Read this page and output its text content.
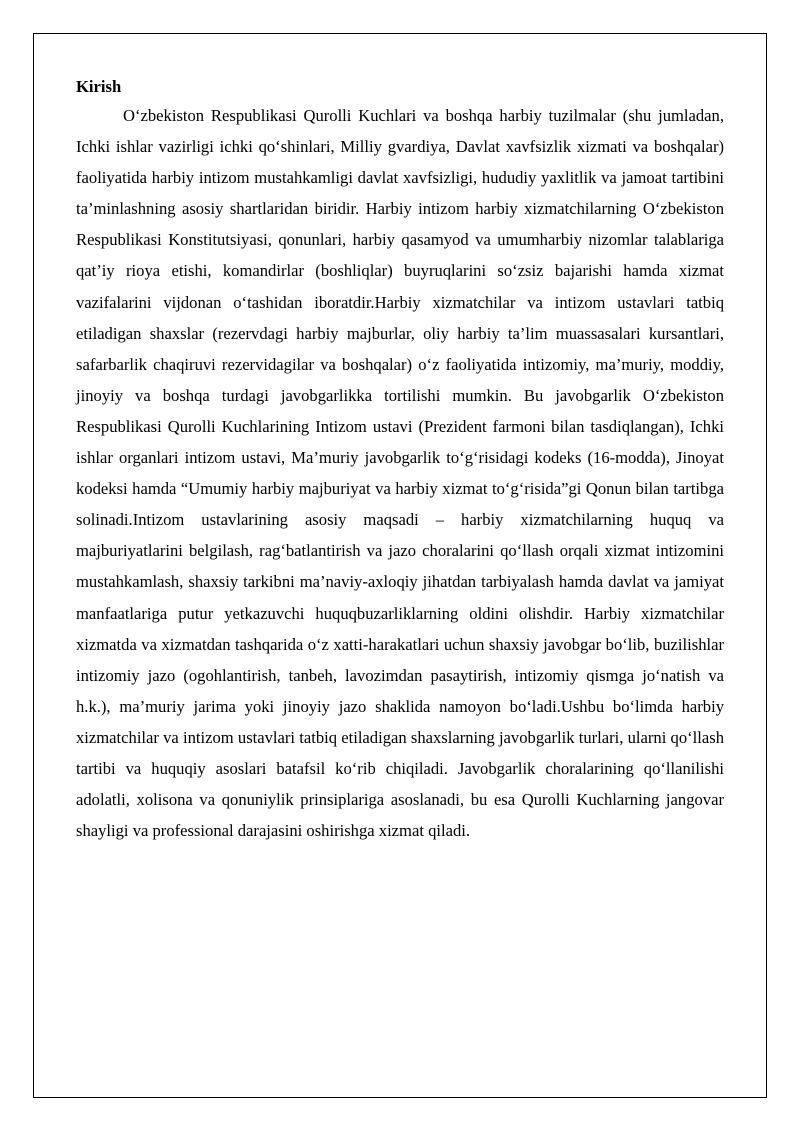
Kirish

O‘zbekiston Respublikasi Qurolli Kuchlari va boshqa harbiy tuzilmalar (shu jumladan, Ichki ishlar vazirligi ichki qo‘shinlari, Milliy gvardiya, Davlat xavfsizlik xizmati va boshqalar) faoliyatida harbiy intizom mustahkamligi davlat xavfsizligi, hududiy yaxlitlik va jamoat tartibini ta’minlashning asosiy shartlaridan biridir. Harbiy intizom harbiy xizmatchilarning O‘zbekiston Respublikasi Konstitutsiyasi, qonunlari, harbiy qasamyod va umumharbiy nizomlar talablariga qat’iy rioya etishi, komandirlar (boshliqlar) buyruqlarini so‘zsiz bajarishi hamda xizmat vazifalarini vijdonan o‘tashidan iboratdir.Harbiy xizmatchilar va intizom ustavlari tatbiq etiladigan shaxslar (rezervdagi harbiy majburlar, oliy harbiy ta’lim muassasalari kursantlari, safarbarlik chaqiruvi rezervidagilar va boshqalar) o‘z faoliyatida intizomiy, ma’muriy, moddiy, jinoyiy va boshqa turdagi javobgarlikka tortilishi mumkin. Bu javobgarlik O‘zbekiston Respublikasi Qurolli Kuchlarining Intizom ustavi (Prezident farmoni bilan tasdiqlangan), Ichki ishlar organlari intizom ustavi, Ma’muriy javobgarlik to‘g‘risidagi kodeks (16-modda), Jinoyat kodeksi hamda “Umumiy harbiy majburiyat va harbiy xizmat to‘g‘risida”gi Qonun bilan tartibga solinadi.Intizom ustavlarining asosiy maqsadi – harbiy xizmatchilarning huquq va majburiyatlarini belgilash, rag‘batlantirish va jazo choralarini qo‘llash orqali xizmat intizomini mustahkamlash, shaxsiy tarkibni ma’naviy-axloqiy jihatdan tarbiyalash hamda davlat va jamiyat manfaatlariga putur yetkazuvchi huquqbuzarliklarning oldini olishdir. Harbiy xizmatchilar xizmatda va xizmatdan tashqarida o‘z xatti-harakatlari uchun shaxsiy javobgar bo‘lib, buzilishlar intizomiy jazo (ogohlantirish, tanbeh, lavozimdan pasaytirish, intizomiy qismga jo‘natish va h.k.), ma’muriy jarima yoki jinoyiy jazo shaklida namoyon bo‘ladi.Ushbu bo‘limda harbiy xizmatchilar va intizom ustavlari tatbiq etiladigan shaxslarning javobgarlik turlari, ularni qo‘llash tartibi va huquqiy asoslari batafsil ko‘rib chiqiladi. Javobgarlik choralarining qo‘llanilishi adolatli, xolisona va qonuniylik prinsiplariga asoslanadi, bu esa Qurolli Kuchlarning jangovar shayligi va professional darajasini oshirishga xizmat qiladi.
